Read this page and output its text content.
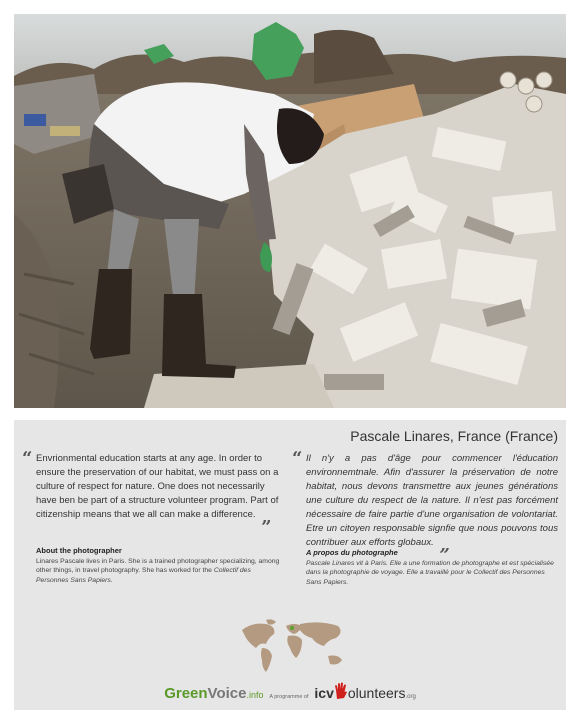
Pascale Linares, France (France)
“ Envrionmental education starts at any age. In order to ensure the preservation of our habitat, we must pass on a culture of respect for nature. One does not necessarily have ben be part of a structure volunteer program. Part of citizenship means that we all can make a difference. „

About the photographer

Linares Pascale lives in Paris. She is a trained photographer specializing, among other things, in travel photography. She has worked for the Collectif des Personnes Sans Papiers.

“ Il n'y a pas d'âge pour commencer l'éducation environnemtnale. Afin d'assurer la préservation de notre habitat, nous devons transmettre aux jeunes générations une culture du respect de la nature. Il n'est pas forcément nécessaire de faire partie d'une organisation de volontariat. Etre un citoyen responsable signfie que nous pouvons tous contribuer aux efforts globaux. „

A propos du photographe

Pascale Linares vit à Paris. Elle a une formation de photographe et est spécialisée dans la photographie de voyage. Elle a travaillé pour le Collectif des Personnes Sans Papiers.

GreenVoice.info A programme of icv olunteers.org
